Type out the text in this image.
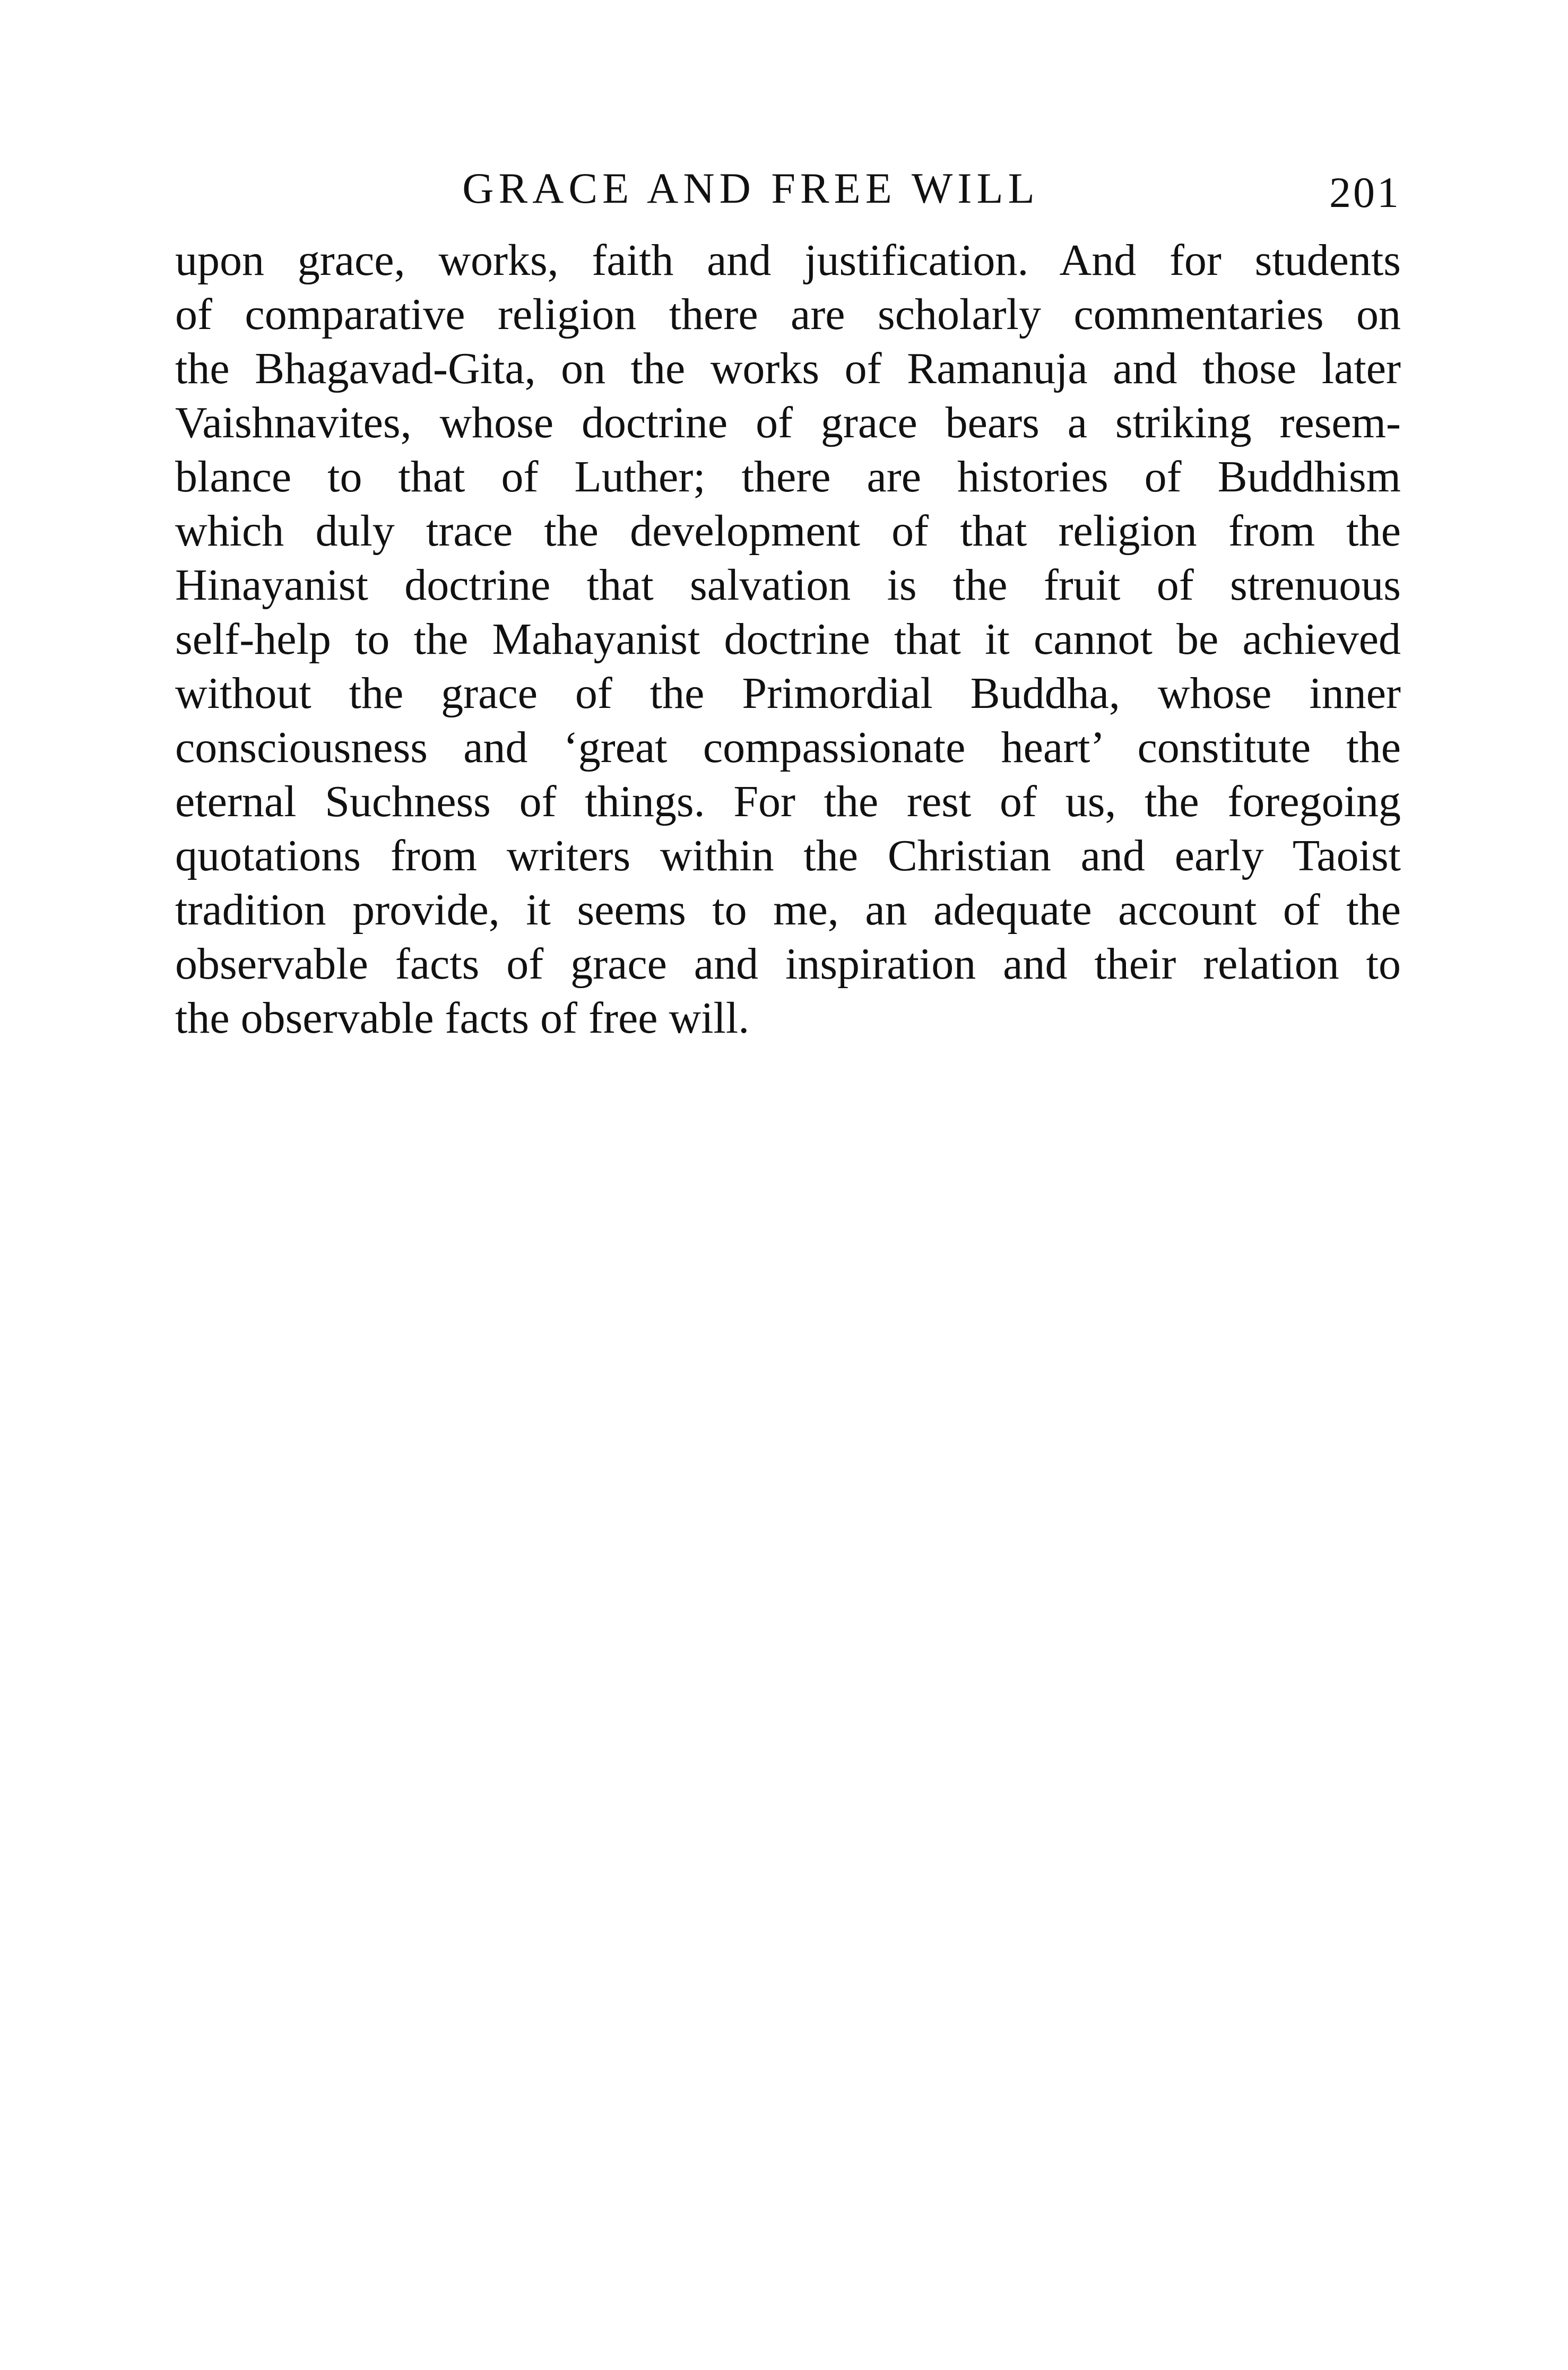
GRACE AND FREE WILL	201
upon grace, works, faith and justification. And for students
of comparative religion there are scholarly commentaries on
the Bhagavad-Gita, on the works of Ramanuja and those later
Vaishnavites, whose doctrine of grace bears a striking resem-
blance to that of Luther; there are histories of Buddhism
which duly trace the development of that religion from the
Hinayanist doctrine that salvation is the fruit of strenuous
self-help to the Mahayanist doctrine that it cannot be achieved
without the grace of the Primordial Buddha, whose inner
consciousness and ‘great compassionate heart’ constitute the
eternal Suchness of things. For the rest of us, the foregoing
quotations from writers within the Christian and early Taoist
tradition provide, it seems to me, an adequate account of the
observable facts of grace and inspiration and their relation to
the observable facts of free will.
